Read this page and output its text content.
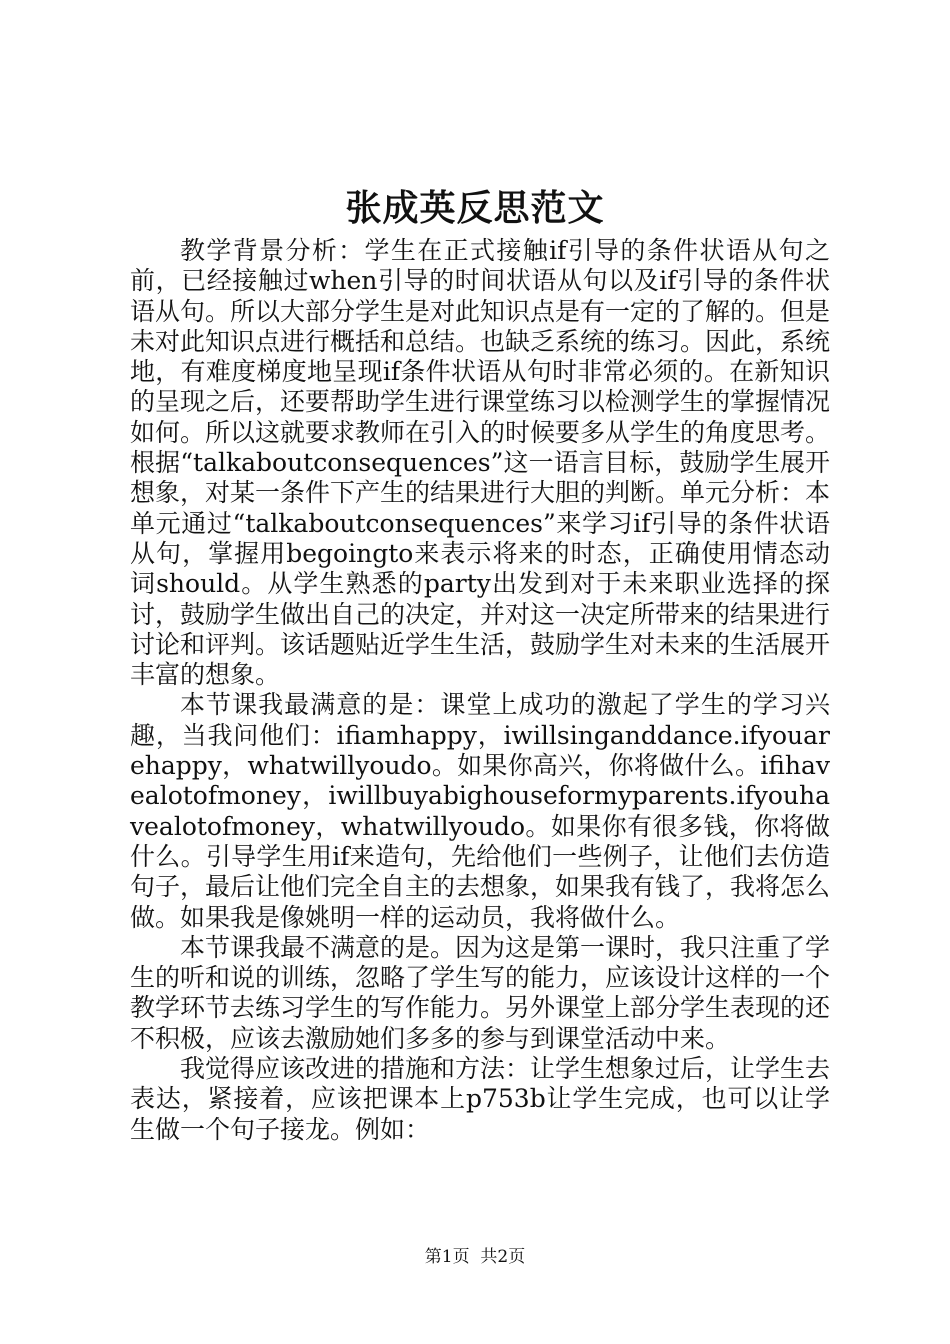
张成英反思范文

教学背景分析：学生在正式接触if引导的条件状语从句之前，已经接触过when引导的时间状语从句以及if引导的条件状语从句。所以大部分学生是对此知识点是有一定的了解的。但是未对此知识点进行概括和总结。也缺乏系统的练习。因此，系统地，有难度梯度地呈现if条件状语从句时非常必须的。在新知识的呈现之后，还要帮助学生进行课堂练习以检测学生的掌握情况如何。所以这就要求教师在引入的时候要多从学生的角度思考。根据“talkaboutconsequences”这一语言目标，鼓励学生展开想象，对某一条件下产生的结果进行大胆的判断。单元分析：本单元通过“talkaboutconsequences”来学习if引导的条件状语从句，掌握用begoingto来表示将来的时态，正确使用情态动词should。从学生熟悉的party出发到对于未来职业选择的探讨，鼓励学生做出自己的决定，并对这一决定所带来的结果进行讨论和评判。该话题贴近学生生活，鼓励学生对未来的生活展开丰富的想象。

本节课我最满意的是：课堂上成功的激起了学生的学习兴趣，当我问他们：ifiamhappy，iwillsinganddance.ifyouarehappy，whatwillyoudo。如果你高兴，你将做什么。ifihavealotofmoney，iwillbuyabighouseformyparents.ifyouhavealotofmoney，whatwillyoudo。如果你有很多钱，你将做什么。引导学生用if来造句，先给他们一些例子，让他们去仿造句子，最后让他们完全自主的去想象，如果我有钱了，我将怎么做。如果我是像姚明一样的运动员，我将做什么。

本节课我最不满意的是。因为这是第一课时，我只注重了学生的听和说的训练，忽略了学生写的能力，应该设计这样的一个教学环节去练习学生的写作能力。另外课堂上部分学生表现的还不积极，应该去激励她们多多的参与到课堂活动中来。

我觉得应该改进的措施和方法：让学生想象过后，让学生去表达，紧接着，应该把课本上p753b让学生完成，也可以让学生做一个句子接龙。例如：

第1页 共2页
